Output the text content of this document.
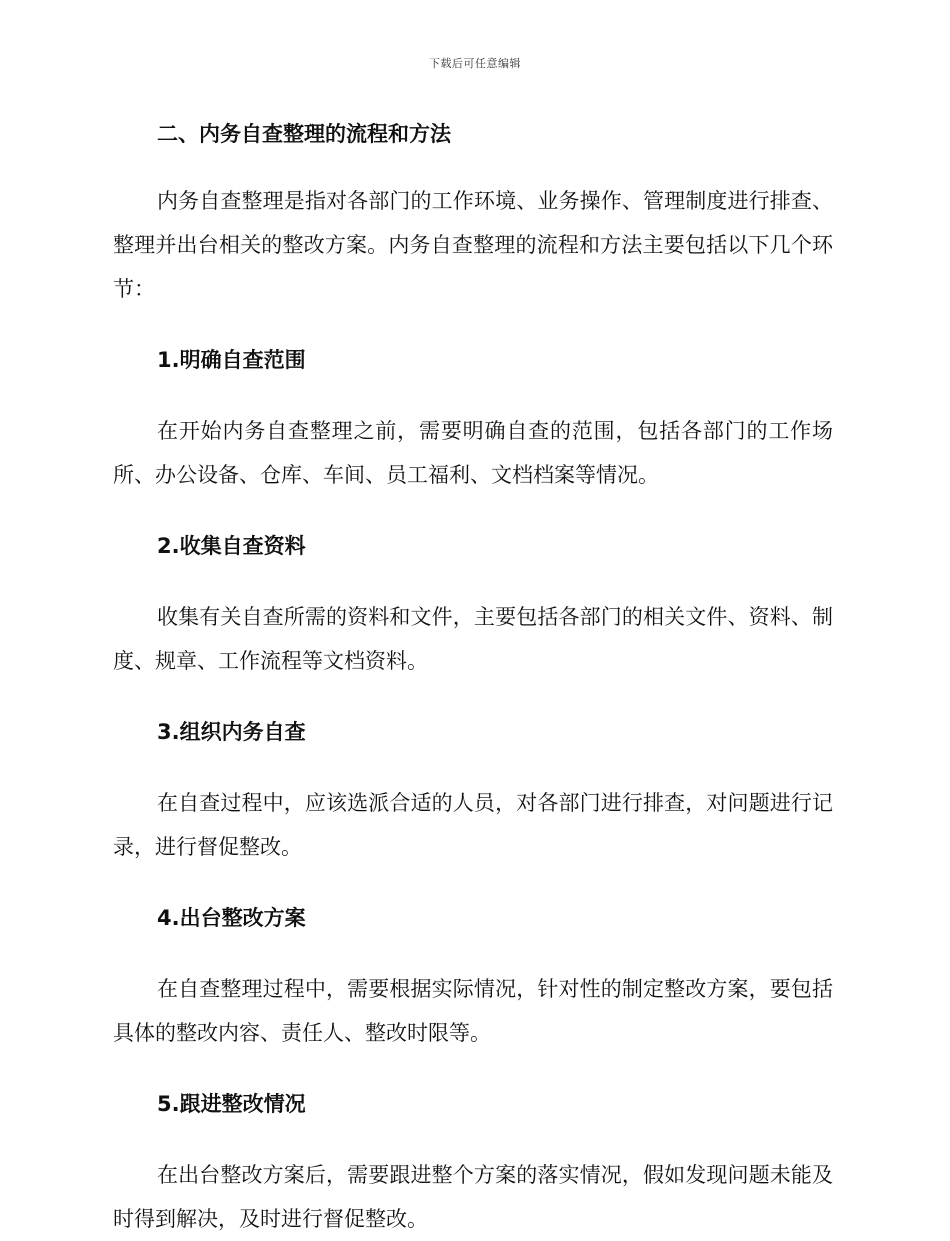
下载后可任意编辑

二、内务自查整理的流程和方法

内务自查整理是指对各部门的工作环境、业务操作、管理制度进行排查、整理并出台相关的整改方案。内务自查整理的流程和方法主要包括以下几个环节：

1.明确自查范围

在开始内务自查整理之前，需要明确自查的范围，包括各部门的工作场所、办公设备、仓库、车间、员工福利、文档档案等情况。

2.收集自查资料

收集有关自查所需的资料和文件，主要包括各部门的相关文件、资料、制度、规章、工作流程等文档资料。

3.组织内务自查

在自查过程中，应该选派合适的人员，对各部门进行排查，对问题进行记录，进行督促整改。

4.出台整改方案

在自查整理过程中，需要根据实际情况，针对性的制定整改方案，要包括具体的整改内容、责任人、整改时限等。

5.跟进整改情况

在出台整改方案后，需要跟进整个方案的落实情况，假如发现问题未能及时得到解决，及时进行督促整改。
